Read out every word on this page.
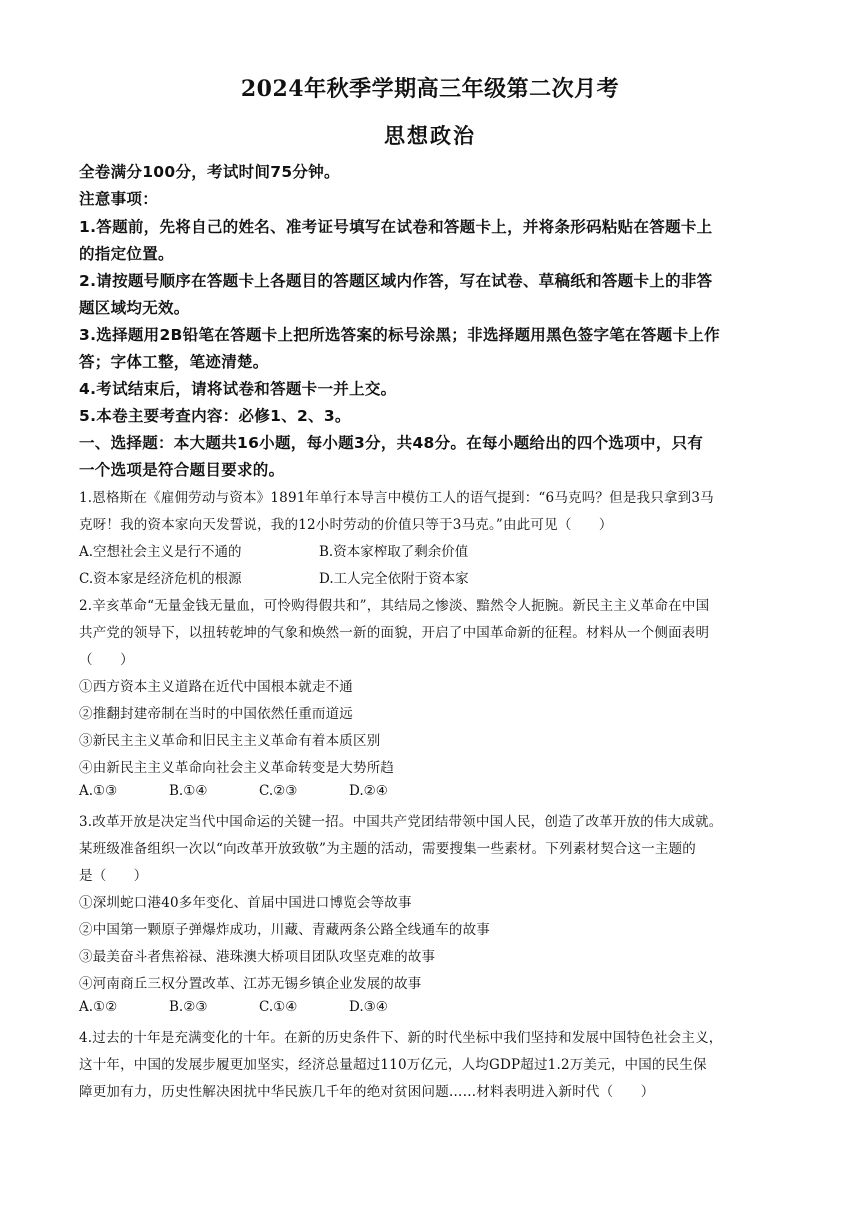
2024年秋季学期高三年级第二次月考
思想政治
全卷满分100分，考试时间75分钟。
注意事项：
1.答题前，先将自己的姓名、准考证号填写在试卷和答题卡上，并将条形码粘贴在答题卡上
的指定位置。
2.请按题号顺序在答题卡上各题目的答题区域内作答，写在试卷、草稿纸和答题卡上的非答
题区域均无效。
3.选择题用2B铅笔在答题卡上把所选答案的标号涂黑；非选择题用黑色签字笔在答题卡上作
答；字体工整，笔迹清楚。
4.考试结束后，请将试卷和答题卡一并上交。
5.本卷主要考查内容：必修1、2、3。
一、选择题：本大题共16小题，每小题3分，共48分。在每小题给出的四个选项中，只有
一个选项是符合题目要求的。
1.恩格斯在《雇佣劳动与资本》1891年单行本导言中模仿工人的语气提到：“6马克吗？但是我只拿到3马
克呀！我的资本家向天发誓说，我的12小时劳动的价值只等于3马克。”由此可见（　　）
A.空想社会主义是行不通的	B.资本家榨取了剩余价值
C.资本家是经济危机的根源	D.工人完全依附于资本家
2.辛亥革命“无量金钱无量血，可怜购得假共和”，其结局之惨淡、黯然令人扼腕。新民主主义革命在中国
共产党的领导下，以扭转乾坤的气象和焕然一新的面貌，开启了中国革命新的征程。材料从一个侧面表明
（　　）
①西方资本主义道路在近代中国根本就走不通
②推翻封建帝制在当时的中国依然任重而道远
③新民主主义革命和旧民主主义革命有着本质区别
④由新民主主义革命向社会主义革命转变是大势所趋
A.①③	B.①④	C.②③	D.②④
3.改革开放是决定当代中国命运的关键一招。中国共产党团结带领中国人民，创造了改革开放的伟大成就。
某班级准备组织一次以“向改革开放致敬”为主题的活动，需要搜集一些素材。下列素材契合这一主题的
是（　　）
①深圳蛇口港40多年变化、首届中国进口博览会等故事
②中国第一颗原子弹爆炸成功，川藏、青藏两条公路全线通车的故事
③最美奋斗者焦裕禄、港珠澳大桥项目团队攻坚克难的故事
④河南商丘三权分置改革、江苏无锡乡镇企业发展的故事
A.①②	B.②③	C.①④	D.③④
4.过去的十年是充满变化的十年。在新的历史条件下、新的时代坐标中我们坚持和发展中国特色社会主义，
这十年，中国的发展步履更加坚实，经济总量超过110万亿元，人均GDP超过1.2万美元，中国的民生保
障更加有力，历史性解决困扰中华民族几千年的绝对贫困问题……材料表明进入新时代（　　）
